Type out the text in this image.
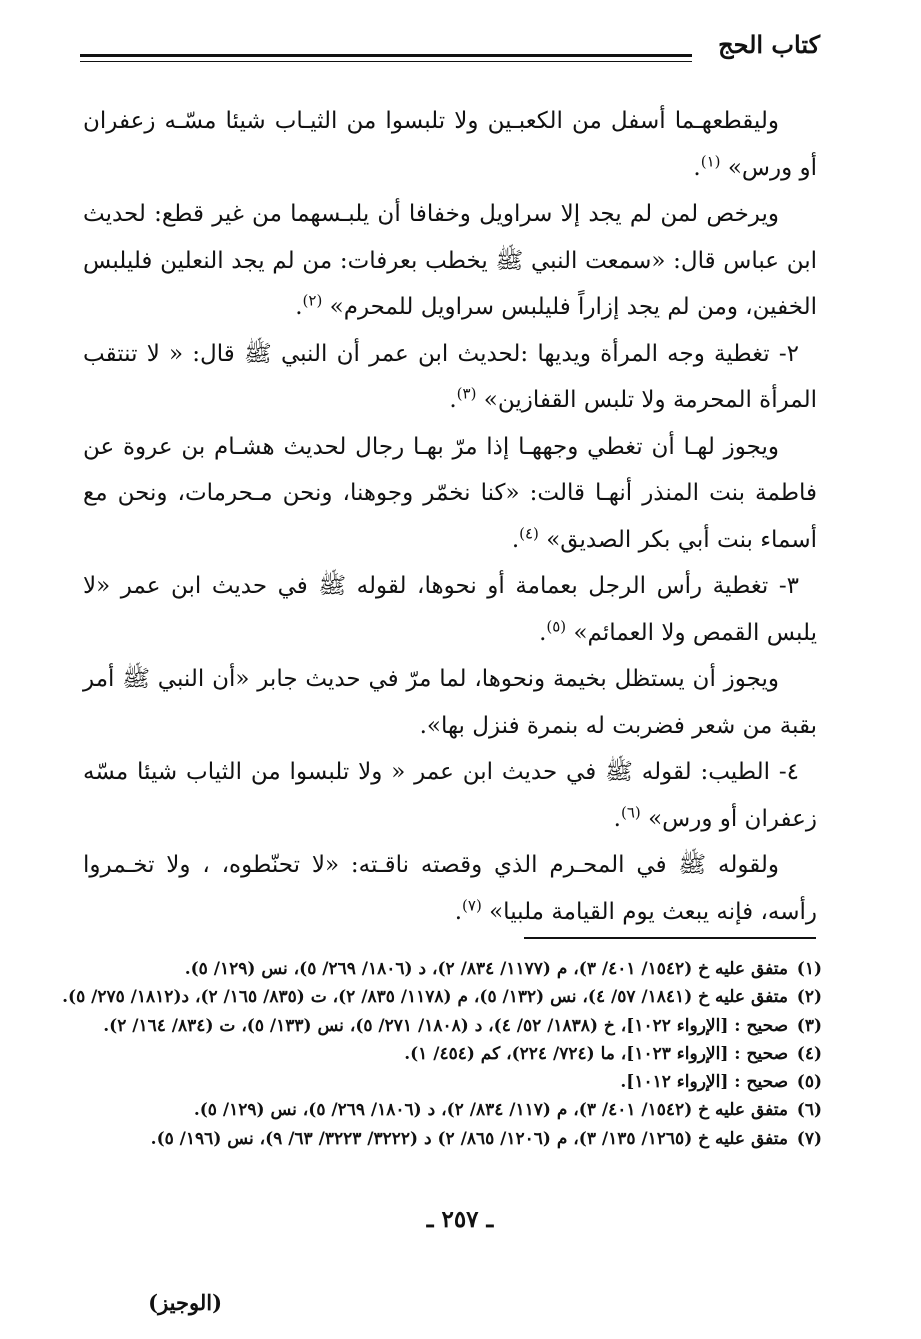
كتاب الحج

وليقطعهـما أسفل من الكعبـين ولا تلبسوا من الثيـاب شيئا مسّـه زعفران أو ورس» $^{(١)}$.

ويرخص لمن لم يجد إلا سراويل وخفافا أن يلبـسهما من غير قطع: لحديث ابن عباس قال: «سمعت النبي ﷺ يخطب بعرفات: من لم يجد النعلين فليلبس الخفين، ومن لم يجد إزاراً فليلبس سراويل للمحرم» $^{(٢)}$.

٢- تغطية وجه المرأة ويديها :لحديث ابن عمر أن النبي ﷺ قال: « لا تنتقب المرأة المحرمة ولا تلبس القفازين» $^{(٣)}$.

ويجوز لهـا أن تغطي وجههـا إذا مرّ بهـا رجال لحديث هشـام بن عروة عن فاطمة بنت المنذر أنهـا قالت: «كنا نخمّر وجوهنا، ونحن مـحرمات، ونحن مع أسماء بنت أبي بكر الصديق» $^{(٤)}$.

٣- تغطية رأس الرجل بعمامة أو نحوها، لقوله ﷺ في حديث ابن عمر «لا يلبس القمص ولا العمائم» $^{(٥)}$.

ويجوز أن يستظل بخيمة ونحوها، لما مرّ في حديث جابر «أن النبي ﷺ أمر بقبة من شعر فضربت له بنمرة فنزل بها».

٤- الطيب: لقوله ﷺ في حديث ابن عمر « ولا تلبسوا من الثياب شيئا مسّه زعفران أو ورس» $^{(٦)}$.

ولقوله ﷺ في المحـرم الذي وقصته ناقـته: «لا تحنّطوه، ، ولا تخـمروا رأسه، فإنه يبعث يوم القيامة ملبيا» $^{(٧)}$.

(١)متفق عليه خ (١٥٤٢/ ٤٠١/ ٣)، م (١١٧٧/ ٨٣٤/ ٢)، د (١٨٠٦/ ٢٦٩/ ٥)، نس (١٢٩/ ٥).
(٢)متفق عليه خ (١٨٤١/ ٥٧/ ٤)، نس (١٣٢/ ٥)، م (١١٧٨/ ٨٣٥/ ٢)، ت (٨٣٥/ ١٦٥/ ٢)، د(١٨١٢/ ٢٧٥/ ٥).
(٣)صحيح : [الإرواء ١٠٢٢]، خ (١٨٣٨/ ٥٢/ ٤)، د (١٨٠٨/ ٢٧١/ ٥)، نس (١٣٣/ ٥)، ت (٨٣٤/ ١٦٤/ ٢).
(٤)صحيح : [الإرواء ١٠٢٣]، ما (٧٢٤/ ٢٢٤)، كم (٤٥٤/ ١).
(٥)صحيح : [الإرواء ١٠١٢].
(٦)متفق عليه خ (١٥٤٢/ ٤٠١/ ٣)، م (١١٧/ ٨٣٤/ ٢)، د (١٨٠٦/ ٢٦٩/ ٥)، نس (١٢٩/ ٥).
(٧)متفق عليه خ (١٢٦٥/ ١٣٥/ ٣)، م (١٢٠٦/ ٨٦٥/ ٢) د (٣٢٢٢/ ٣٢٢٣/ ٦٣/ ٩)، نس (١٩٦/ ٥).
ـ ٢٥٧ ـ
(الوجيز)
